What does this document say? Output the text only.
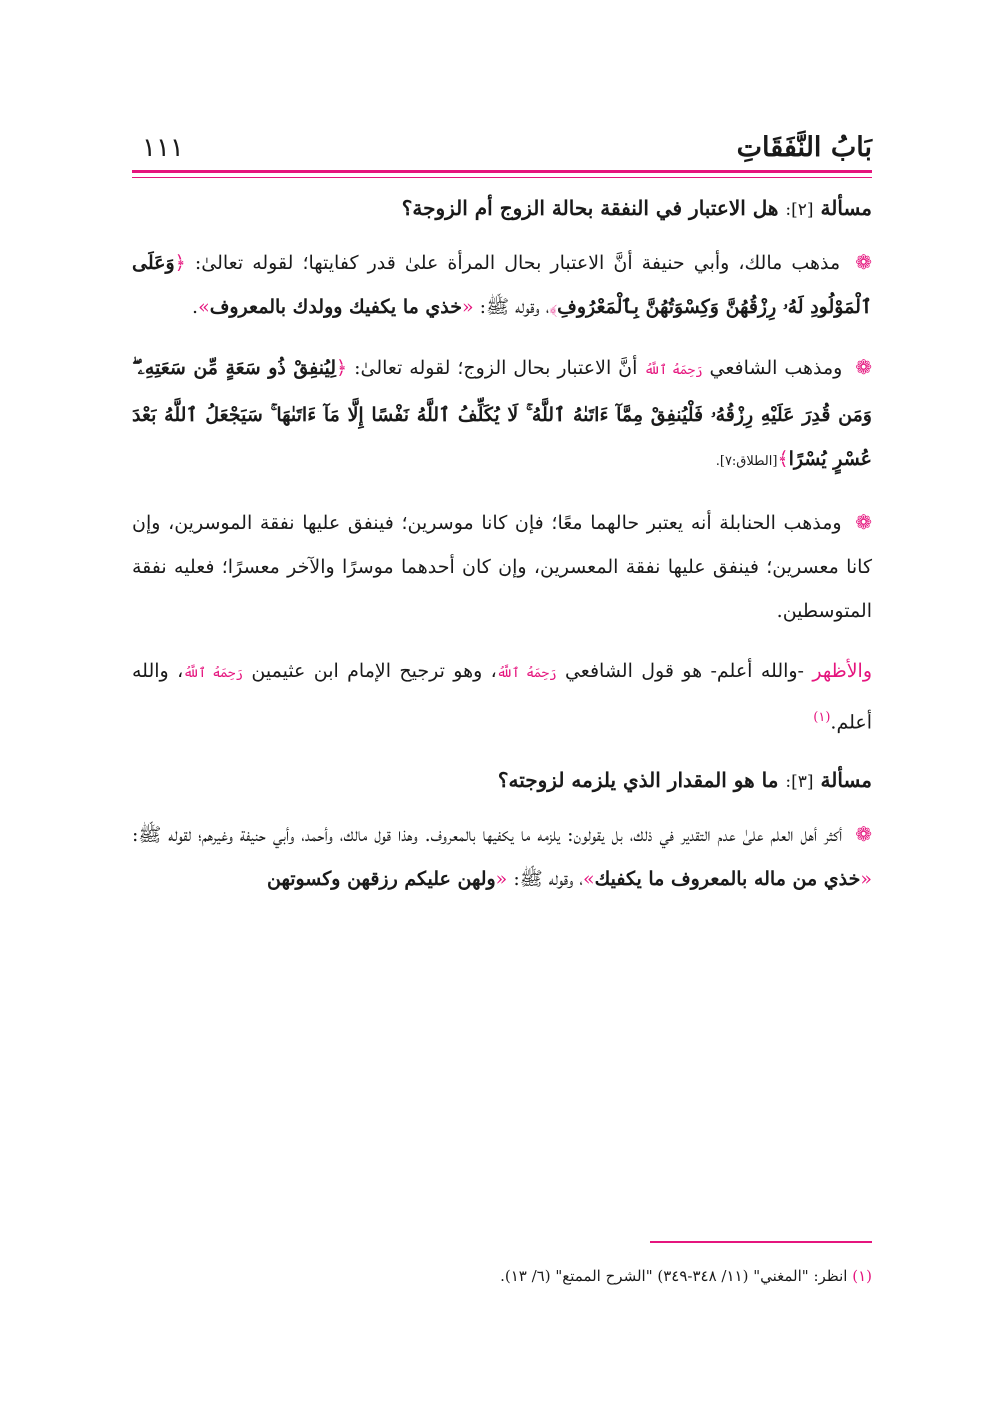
بَابُ النَّفَقَاتِ
١١١
مسألة [٢]: هل الاعتبار في النفقة بحالة الزوج أم الزوجة؟

❁ مذهب مالك، وأبي حنيفة أنَّ الاعتبار بحال المرأة علىٰ قدر كفايتها؛ لقوله تعالىٰ: ﴿وَعَلَى ٱلْمَوْلُودِ لَهُۥ رِزْقُهُنَّ وَكِسْوَتُهُنَّ بِٱلْمَعْرُوفِ﴾، وقوله ﷺ: «خذي ما يكفيك وولدك بالمعروف».

❁ ومذهب الشافعي رَحِمَهُ ٱللَّهُ أنَّ الاعتبار بحال الزوج؛ لقوله تعالىٰ: ﴿لِيُنفِقْ ذُو سَعَةٍ مِّن سَعَتِهِۦ ۖ وَمَن قُدِرَ عَلَيْهِ رِزْقُهُۥ فَلْيُنفِقْ مِمَّآ ءَاتَىٰهُ ٱللَّهُ ۚ لَا يُكَلِّفُ ٱللَّهُ نَفْسًا إِلَّا مَآ ءَاتَىٰهَا ۚ سَيَجْعَلُ ٱللَّهُ بَعْدَ عُسْرٍ يُسْرًا﴾[الطلاق:٧].

❁ ومذهب الحنابلة أنه يعتبر حالهما معًا؛ فإن كانا موسرين؛ فينفق عليها نفقة الموسرين، وإن كانا معسرين؛ فينفق عليها نفقة المعسرين، وإن كان أحدهما موسرًا والآخر معسرًا؛ فعليه نفقة المتوسطين.

والأظهر -والله أعلم- هو قول الشافعي رَحِمَهُ ٱللَّهُ، وهو ترجيح الإمام ابن عثيمين رَحِمَهُ ٱللَّهُ، والله أعلم.$^{(١)}$

مسألة [٣]: ما هو المقدار الذي يلزمه لزوجته؟

❁ أكثر أهل العلم علىٰ عدم التقدير في ذلك، بل يقولون: يلزمه ما يكفيها بالمعروف. وهذا قول مالك، وأحمد، وأبي حنيفة وغيرهم؛ لقوله ﷺ: «خذي من ماله بالمعروف ما يكفيك»، وقوله ﷺ: «ولهن عليكم رزقهن وكسوتهن

(١) انظر: "المغني" (١١/ ٣٤٨-٣٤٩) "الشرح الممتع" (٦/ ١٣).
